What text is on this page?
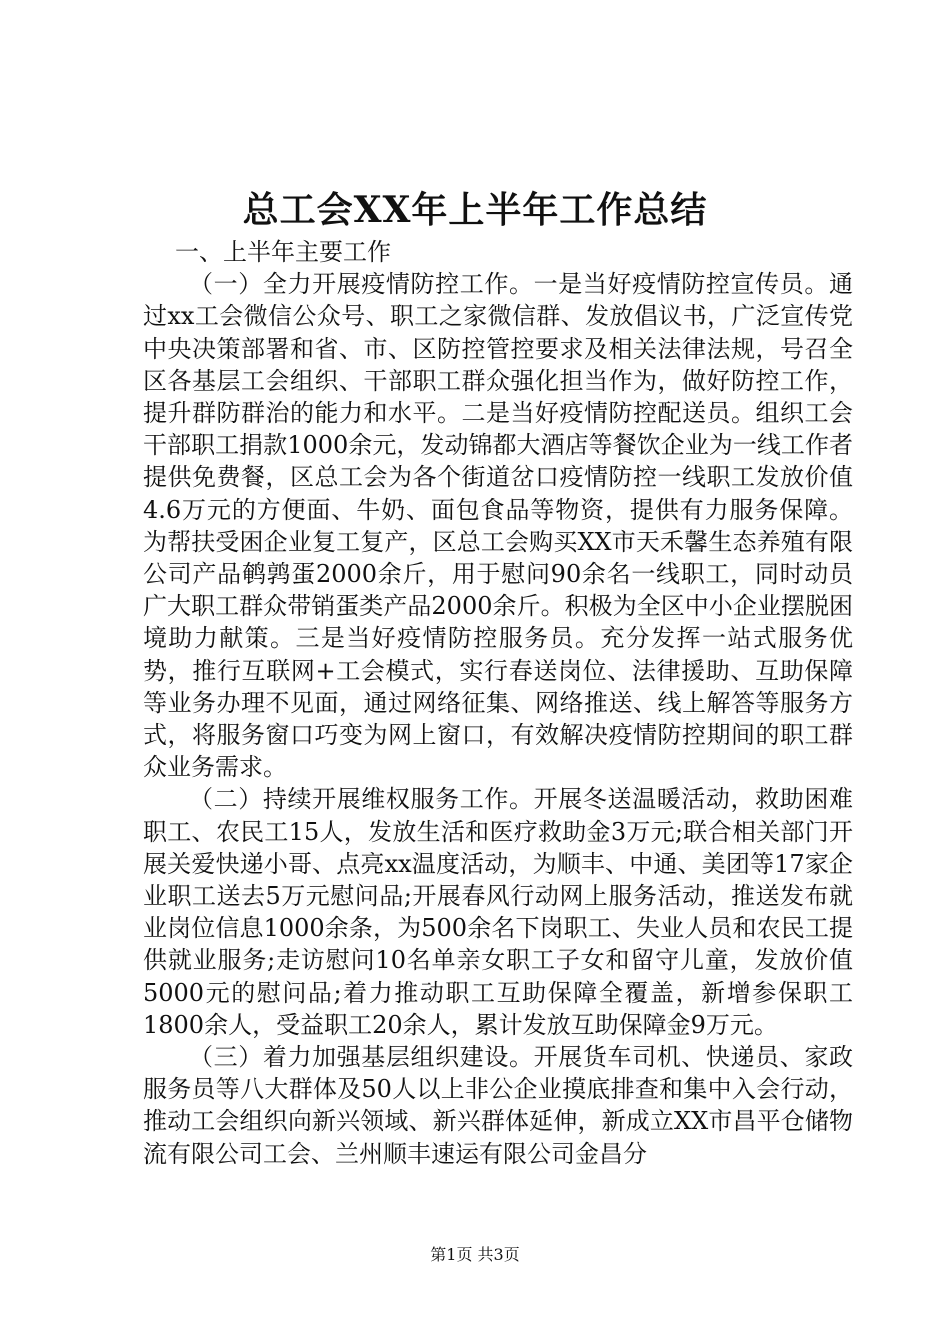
总工会XX年上半年工作总结

一、上半年主要工作

（一）全力开展疫情防控工作。一是当好疫情防控宣传员。通过xx工会微信公众号、职工之家微信群、发放倡议书，广泛宣传党中央决策部署和省、市、区防控管控要求及相关法律法规，号召全区各基层工会组织、干部职工群众强化担当作为，做好防控工作，提升群防群治的能力和水平。二是当好疫情防控配送员。组织工会干部职工捐款1000余元，发动锦都大酒店等餐饮企业为一线工作者提供免费餐，区总工会为各个街道岔口疫情防控一线职工发放价值4.6万元的方便面、牛奶、面包食品等物资，提供有力服务保障。为帮扶受困企业复工复产，区总工会购买XX市天禾馨生态养殖有限公司产品鹌鹑蛋2000余斤，用于慰问90余名一线职工，同时动员广大职工群众带销蛋类产品2000余斤。积极为全区中小企业摆脱困境助力献策。三是当好疫情防控服务员。充分发挥一站式服务优势，推行互联网+工会模式，实行春送岗位、法律援助、互助保障等业务办理不见面，通过网络征集、网络推送、线上解答等服务方式，将服务窗口巧变为网上窗口，有效解决疫情防控期间的职工群众业务需求。

（二）持续开展维权服务工作。开展冬送温暖活动，救助困难职工、农民工15人，发放生活和医疗救助金3万元;联合相关部门开展关爱快递小哥、点亮xx温度活动，为顺丰、中通、美团等17家企业职工送去5万元慰问品;开展春风行动网上服务活动，推送发布就业岗位信息1000余条，为500余名下岗职工、失业人员和农民工提供就业服务;走访慰问10名单亲女职工子女和留守儿童，发放价值5000元的慰问品;着力推动职工互助保障全覆盖，新增参保职工1800余人，受益职工20余人，累计发放互助保障金9万元。

（三）着力加强基层组织建设。开展货车司机、快递员、家政服务员等八大群体及50人以上非公企业摸底排查和集中入会行动，推动工会组织向新兴领域、新兴群体延伸，新成立XX市昌平仓储物流有限公司工会、兰州顺丰速运有限公司金昌分

第1页 共3页
